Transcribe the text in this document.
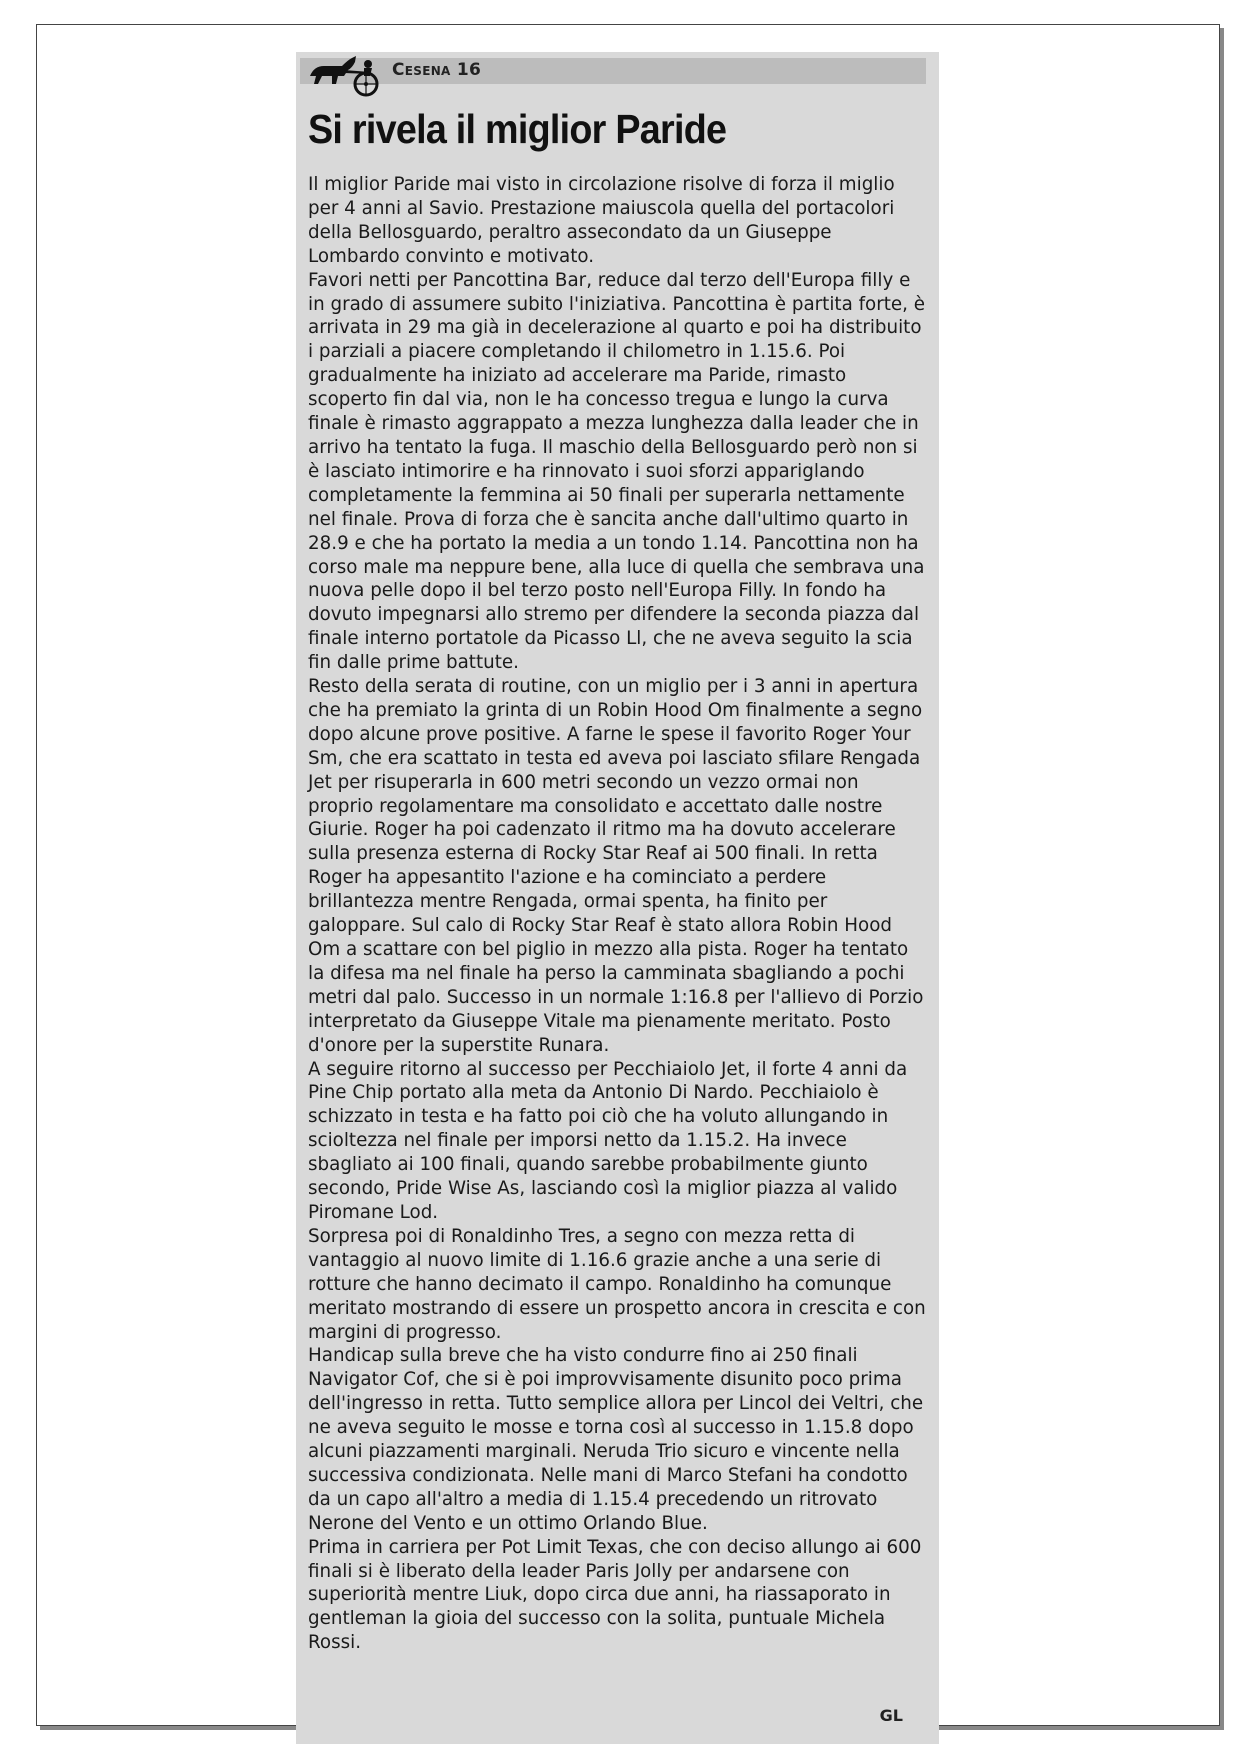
Cesena 16
Si rivela il miglior Paride

Il miglior Paride mai visto in circolazione risolve di forza il miglio per 4 anni al Savio. Prestazione maiuscola quella del portacolori della Bellosguardo, peraltro assecondato da un Giuseppe Lombardo convinto e motivato.

Favori netti per Pancottina Bar, reduce dal terzo dell'Europa filly e in grado di assumere subito l'iniziativa. Pancottina è partita forte, è arrivata in 29 ma già in decelerazione al quarto e poi ha distribuito i parziali a piacere completando il chilometro in 1.15.6. Poi gradualmente ha iniziato ad accelerare ma Paride, rimasto scoperto fin dal via, non le ha concesso tregua e lungo la curva finale è rimasto aggrappato a mezza lunghezza dalla leader che in arrivo ha tentato la fuga. Il maschio della Bellosguardo però non si è lasciato intimorire e ha rinnovato i suoi sforzi appariglando completamente la femmina ai 50 finali per superarla nettamente nel finale. Prova di forza che è sancita anche dall'ultimo quarto in 28.9 e che ha portato la media a un tondo 1.14. Pancottina non ha corso male ma neppure bene, alla luce di quella che sembrava una nuova pelle dopo il bel terzo posto nell'Europa Filly. In fondo ha dovuto impegnarsi allo stremo per difendere la seconda piazza dal finale interno portatole da Picasso Ll, che ne aveva seguito la scia fin dalle prime battute.

Resto della serata di routine, con un miglio per i 3 anni in apertura che ha premiato la grinta di un Robin Hood Om finalmente a segno dopo alcune prove positive. A farne le spese il favorito Roger Your Sm, che era scattato in testa ed aveva poi lasciato sfilare Rengada Jet per risuperarla in 600 metri secondo un vezzo ormai non proprio regolamentare ma consolidato e accettato dalle nostre Giurie. Roger ha poi cadenzato il ritmo ma ha dovuto accelerare sulla presenza esterna di Rocky Star Reaf ai 500 finali. In retta Roger ha appesantito l'azione e ha cominciato a perdere brillantezza mentre Rengada, ormai spenta, ha finito per galoppare. Sul calo di Rocky Star Reaf è stato allora Robin Hood Om a scattare con bel piglio in mezzo alla pista. Roger ha tentato la difesa ma nel finale ha perso la camminata sbagliando a pochi metri dal palo. Successo in un normale 1:16.8 per l'allievo di Porzio interpretato da Giuseppe Vitale ma pienamente meritato. Posto d'onore per la superstite Runara.

A seguire ritorno al successo per Pecchiaiolo Jet, il forte 4 anni da Pine Chip portato alla meta da Antonio Di Nardo. Pecchiaiolo è schizzato in testa e ha fatto poi ciò che ha voluto allungando in scioltezza nel finale per imporsi netto da 1.15.2. Ha invece sbagliato ai 100 finali, quando sarebbe probabilmente giunto secondo, Pride Wise As, lasciando così la miglior piazza al valido Piromane Lod.

Sorpresa poi di Ronaldinho Tres, a segno con mezza retta di vantaggio al nuovo limite di 1.16.6 grazie anche a una serie di rotture che hanno decimato il campo. Ronaldinho ha comunque meritato mostrando di essere un prospetto ancora in crescita e con margini di progresso.

Handicap sulla breve che ha visto condurre fino ai 250 finali Navigator Cof, che si è poi improvvisamente disunito poco prima dell'ingresso in retta. Tutto semplice allora per Lincol dei Veltri, che ne aveva seguito le mosse e torna così al successo in 1.15.8 dopo alcuni piazzamenti marginali. Neruda Trio sicuro e vincente nella successiva condizionata. Nelle mani di Marco Stefani ha condotto da un capo all'altro a media di 1.15.4 precedendo un ritrovato Nerone del Vento e un ottimo Orlando Blue.

Prima in carriera per Pot Limit Texas, che con deciso allungo ai 600 finali si è liberato della leader Paris Jolly per andarsene con superiorità mentre Liuk, dopo circa due anni, ha riassaporato in gentleman la gioia del successo con la solita, puntuale Michela Rossi.

GL
